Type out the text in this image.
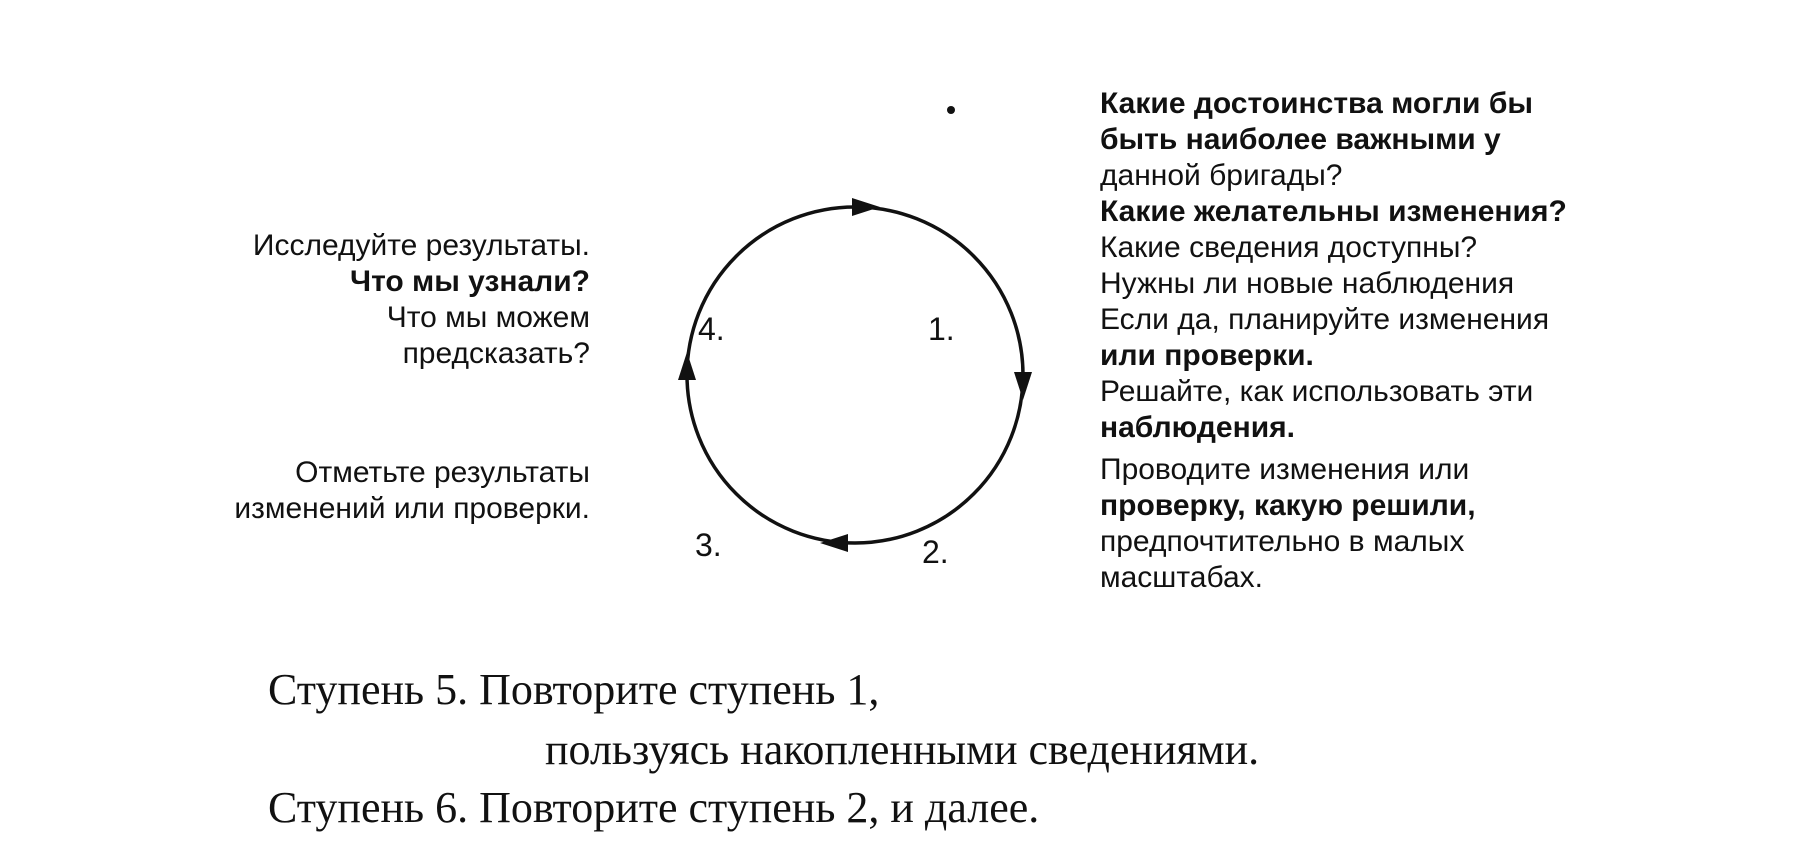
Исследуйте результаты.
Что мы узнали?
Что мы можем
предсказать?
Отметьте результаты
изменений или проверки.
Какие достоинства могли бы
быть наиболее важными у
данной бригады?
Какие желательны изменения?
Какие сведения доступны?
Нужны ли новые наблюдения
Если да, планируйте изменения
или проверки.
Решайте, как использовать эти
наблюдения.
Проводите изменения или
проверку, какую решили,
предпочтительно в малых
масштабах.
1.
2.
3.
4.
Ступень 5. Повторите ступень 1,
пользуясь накопленными сведениями.
Ступень 6. Повторите ступень 2, и далее.
